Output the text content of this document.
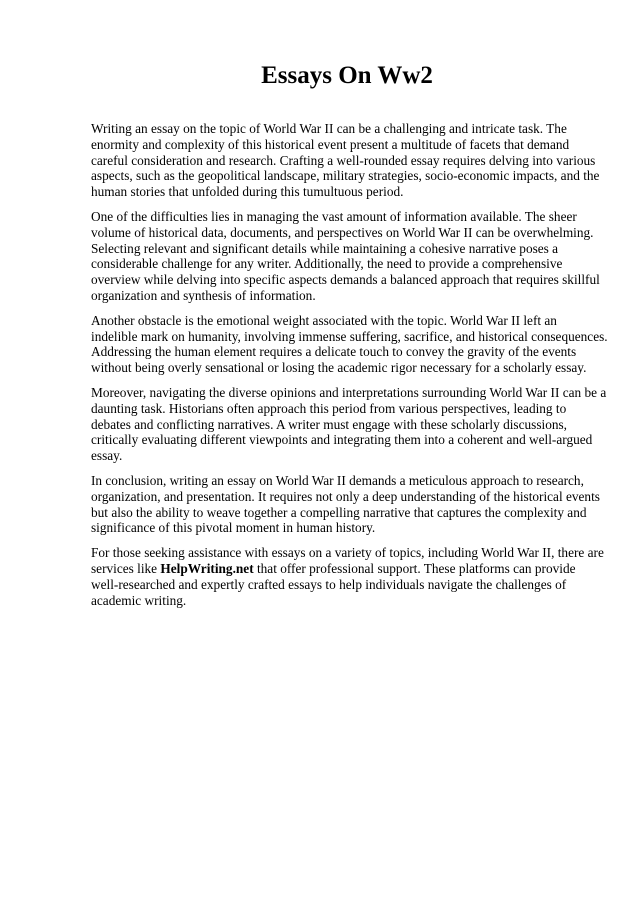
Essays On Ww2

Writing an essay on the topic of World War II can be a challenging and intricate task. The
enormity and complexity of this historical event present a multitude of facets that demand
careful consideration and research. Crafting a well-rounded essay requires delving into various
aspects, such as the geopolitical landscape, military strategies, socio-economic impacts, and the
human stories that unfolded during this tumultuous period.

One of the difficulties lies in managing the vast amount of information available. The sheer
volume of historical data, documents, and perspectives on World War II can be overwhelming.
Selecting relevant and significant details while maintaining a cohesive narrative poses a
considerable challenge for any writer. Additionally, the need to provide a comprehensive
overview while delving into specific aspects demands a balanced approach that requires skillful
organization and synthesis of information.

Another obstacle is the emotional weight associated with the topic. World War II left an
indelible mark on humanity, involving immense suffering, sacrifice, and historical consequences.
Addressing the human element requires a delicate touch to convey the gravity of the events
without being overly sensational or losing the academic rigor necessary for a scholarly essay.

Moreover, navigating the diverse opinions and interpretations surrounding World War II can be a
daunting task. Historians often approach this period from various perspectives, leading to
debates and conflicting narratives. A writer must engage with these scholarly discussions,
critically evaluating different viewpoints and integrating them into a coherent and well-argued
essay.

In conclusion, writing an essay on World War II demands a meticulous approach to research,
organization, and presentation. It requires not only a deep understanding of the historical events
but also the ability to weave together a compelling narrative that captures the complexity and
significance of this pivotal moment in human history.

For those seeking assistance with essays on a variety of topics, including World War II, there are
services like HelpWriting.net that offer professional support. These platforms can provide
well-researched and expertly crafted essays to help individuals navigate the challenges of
academic writing.
